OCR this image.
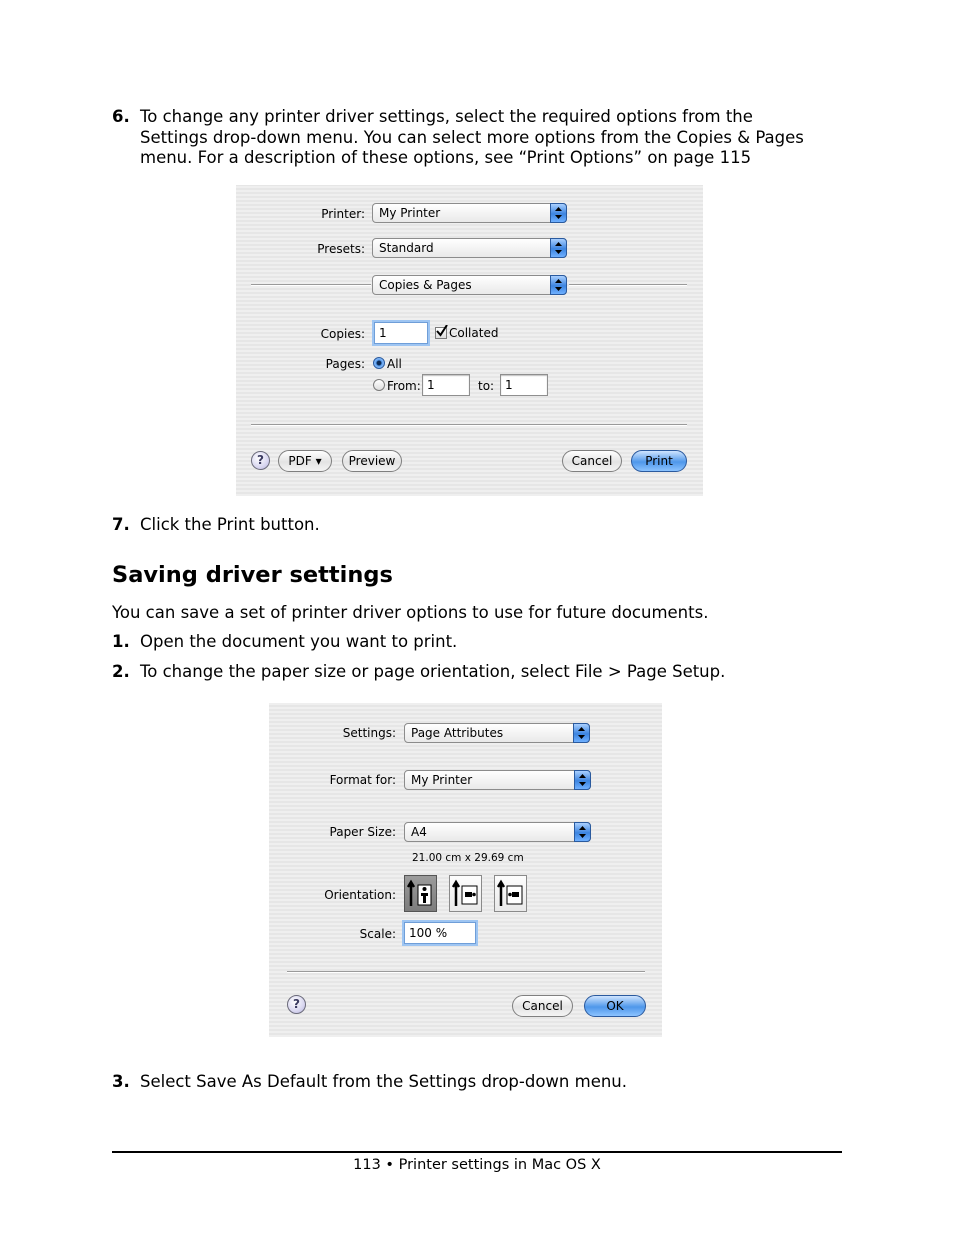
6. To change any printer driver settings, select the required options from the
Settings drop-down menu. You can select more options from the Copies & Pages
menu. For a description of these options, see “Print Options” on page 115
Printer: My Printer
Presets: Standard
Copies & Pages
Copies: 1	Collated
Pages: All
From: 1	to: 1
?	PDF ▾	Preview	Cancel	Print
7. Click the Print button.
Saving driver settings
You can save a set of printer driver options to use for future documents.
1. Open the document you want to print.
2. To change the paper size or page orientation, select File > Page Setup.
Settings: Page Attributes
Format for: My Printer
Paper Size: A4
21.00 cm x 29.69 cm
Orientation:
Scale: 100 %
?	Cancel	OK
3. Select Save As Default from the Settings drop-down menu.
113 • Printer settings in Mac OS X
